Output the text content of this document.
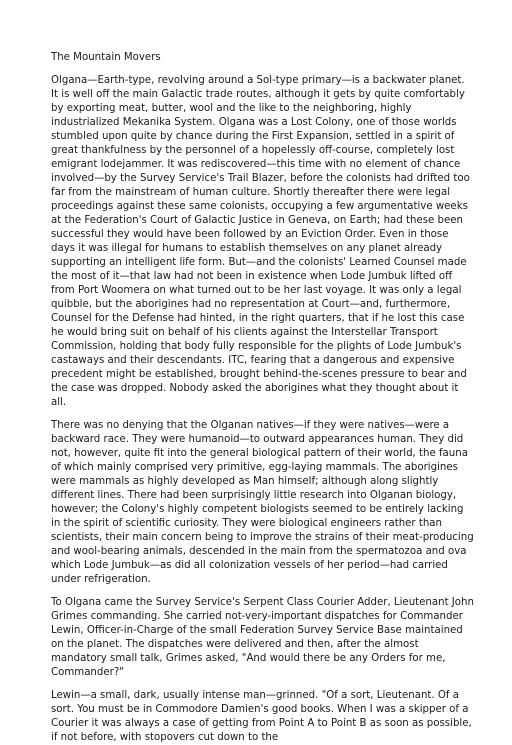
The Mountain Movers

Olgana—Earth-type, revolving around a Sol-type primary—is a backwater planet. It is well off the main Galactic trade routes, although it gets by quite comfortably by exporting meat, butter, wool and the like to the neighboring, highly industrialized Mekanika System. Olgana was a Lost Colony, one of those worlds stumbled upon quite by chance during the First Expansion, settled in a spirit of great thankfulness by the personnel of a hopelessly off-course, completely lost emigrant lodejammer. It was rediscovered—this time with no element of chance involved—by the Survey Service's Trail Blazer, before the colonists had drifted too far from the mainstream of human culture. Shortly thereafter there were legal proceedings against these same colonists, occupying a few argumentative weeks at the Federation's Court of Galactic Justice in Geneva, on Earth; had these been successful they would have been followed by an Eviction Order. Even in those days it was illegal for humans to establish themselves on any planet already supporting an intelligent life form. But—and the colonists' Learned Counsel made the most of it—that law had not been in existence when Lode Jumbuk lifted off from Port Woomera on what turned out to be her last voyage. It was only a legal quibble, but the aborigines had no representation at Court—and, furthermore, Counsel for the Defense had hinted, in the right quarters, that if he lost this case he would bring suit on behalf of his clients against the Interstellar Transport Commission, holding that body fully responsible for the plights of Lode Jumbuk's castaways and their descendants. ITC, fearing that a dangerous and expensive precedent might be established, brought behind-the-scenes pressure to bear and the case was dropped. Nobody asked the aborigines what they thought about it all.

There was no denying that the Olganan natives—if they were natives—were a backward race. They were humanoid—to outward appearances human. They did not, however, quite fit into the general biological pattern of their world, the fauna of which mainly comprised very primitive, egg-laying mammals. The aborigines were mammals as highly developed as Man himself; although along slightly different lines. There had been surprisingly little research into Olganan biology, however; the Colony's highly competent biologists seemed to be entirely lacking in the spirit of scientific curiosity. They were biological engineers rather than scientists, their main concern being to improve the strains of their meat-producing and wool-bearing animals, descended in the main from the spermatozoa and ova which Lode Jumbuk—as did all colonization vessels of her period—had carried under refrigeration.

To Olgana came the Survey Service's Serpent Class Courier Adder, Lieutenant John Grimes commanding. She carried not-very-important dispatches for Commander Lewin, Officer-in-Charge of the small Federation Survey Service Base maintained on the planet. The dispatches were delivered and then, after the almost mandatory small talk, Grimes asked, "And would there be any Orders for me, Commander?"

Lewin—a small, dark, usually intense man—grinned. "Of a sort, Lieutenant. Of a sort. You must be in Commodore Damien's good books. When I was a skipper of a Courier it was always a case of getting from Point A to Point B as soon as possible, if not before, with stopovers cut down to the
